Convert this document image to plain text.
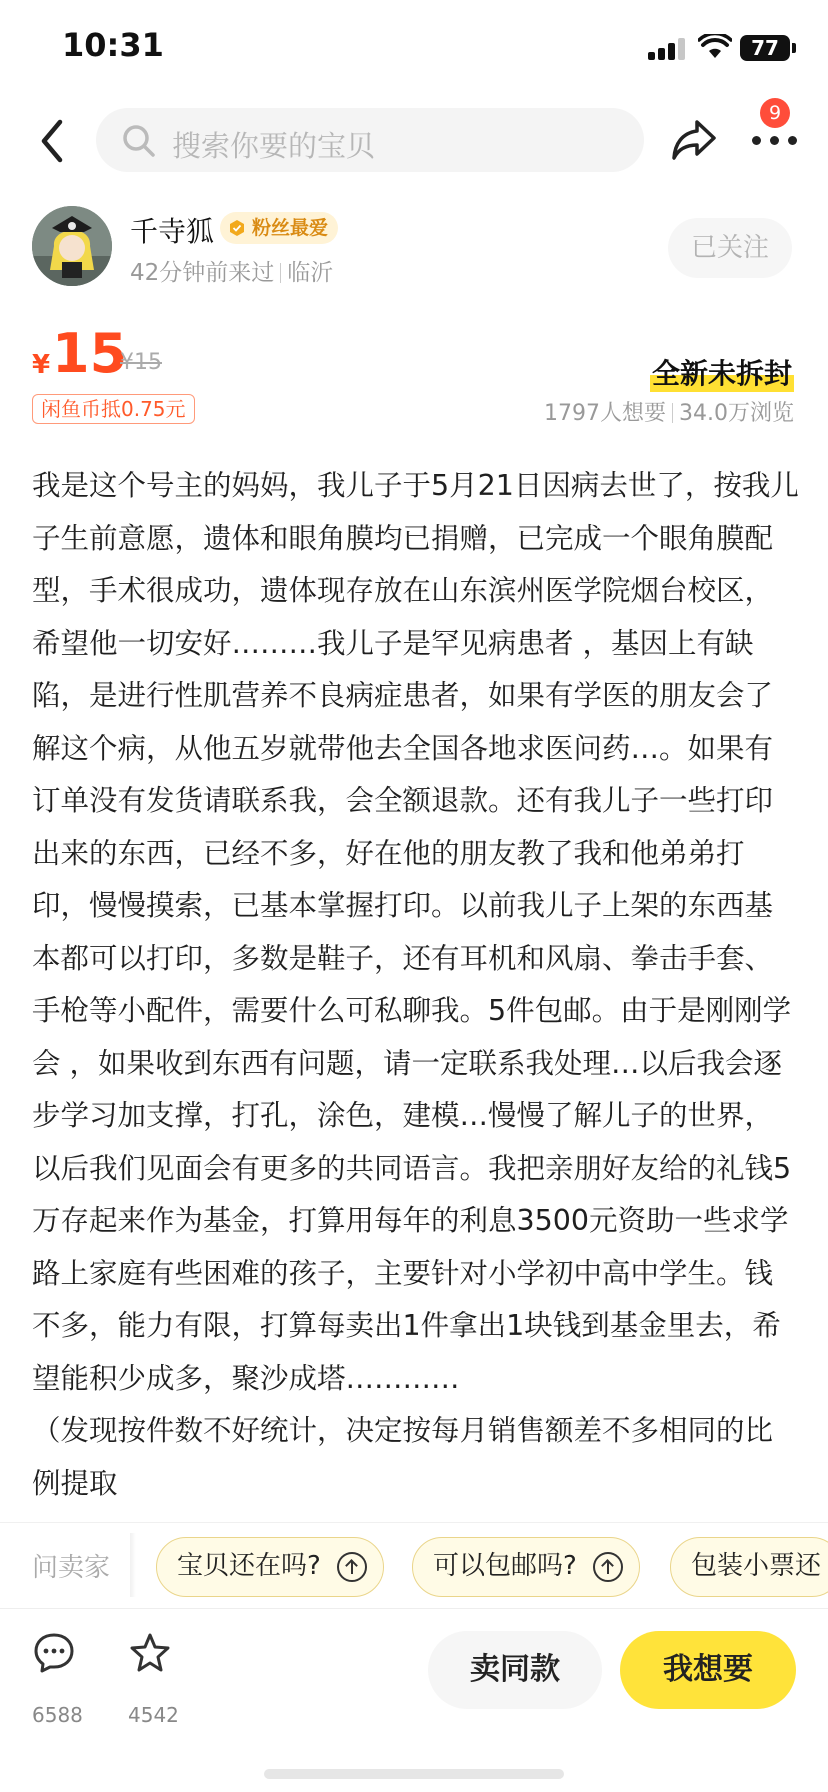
10:31	77
搜索你要的宝贝
9
千寺狐	粉丝最爱
42分钟前来过 临沂
已关注
¥ 15
¥15
闲鱼币抵0.75元
全新未拆封
1797人想要 34.0万浏览
我是这个号主的妈妈，我儿子于5月21日因病去世了，按我儿子生前意愿，遗体和眼角膜均已捐赠，已完成一个眼角膜配型，手术很成功，遗体现存放在山东滨州医学院烟台校区，希望他一切安好………我儿子是罕见病患者 ，基因上有缺陷，是进行性肌营养不良病症患者，如果有学医的朋友会了解这个病，从他五岁就带他去全国各地求医问药…。如果有订单没有发货请联系我，会全额退款。还有我儿子一些打印出来的东西，已经不多，好在他的朋友教了我和他弟弟打印，慢慢摸索，已基本掌握打印。以前我儿子上架的东西基本都可以打印，多数是鞋子，还有耳机和风扇、拳击手套、手枪等小配件，需要什么可私聊我。5件包邮。由于是刚刚学会 ，如果收到东西有问题，请一定联系我处理…以后我会逐步学习加支撑，打孔，涂色，建模…慢慢了解儿子的世界，以后我们见面会有更多的共同语言。我把亲朋好友给的礼钱5万存起来作为基金，打算用每年的利息3500元资助一些求学路上家庭有些困难的孩子，主要针对小学初中高中学生。钱不多，能力有限，打算每卖出1件拿出1块钱到基金里去，希望能积少成多，聚沙成塔…………
（发现按件数不好统计，决定按每月销售额差不多相同的比例提取
问卖家	宝贝还在吗?	可以包邮吗?	包装小票还
6588 4542
卖同款	我想要
